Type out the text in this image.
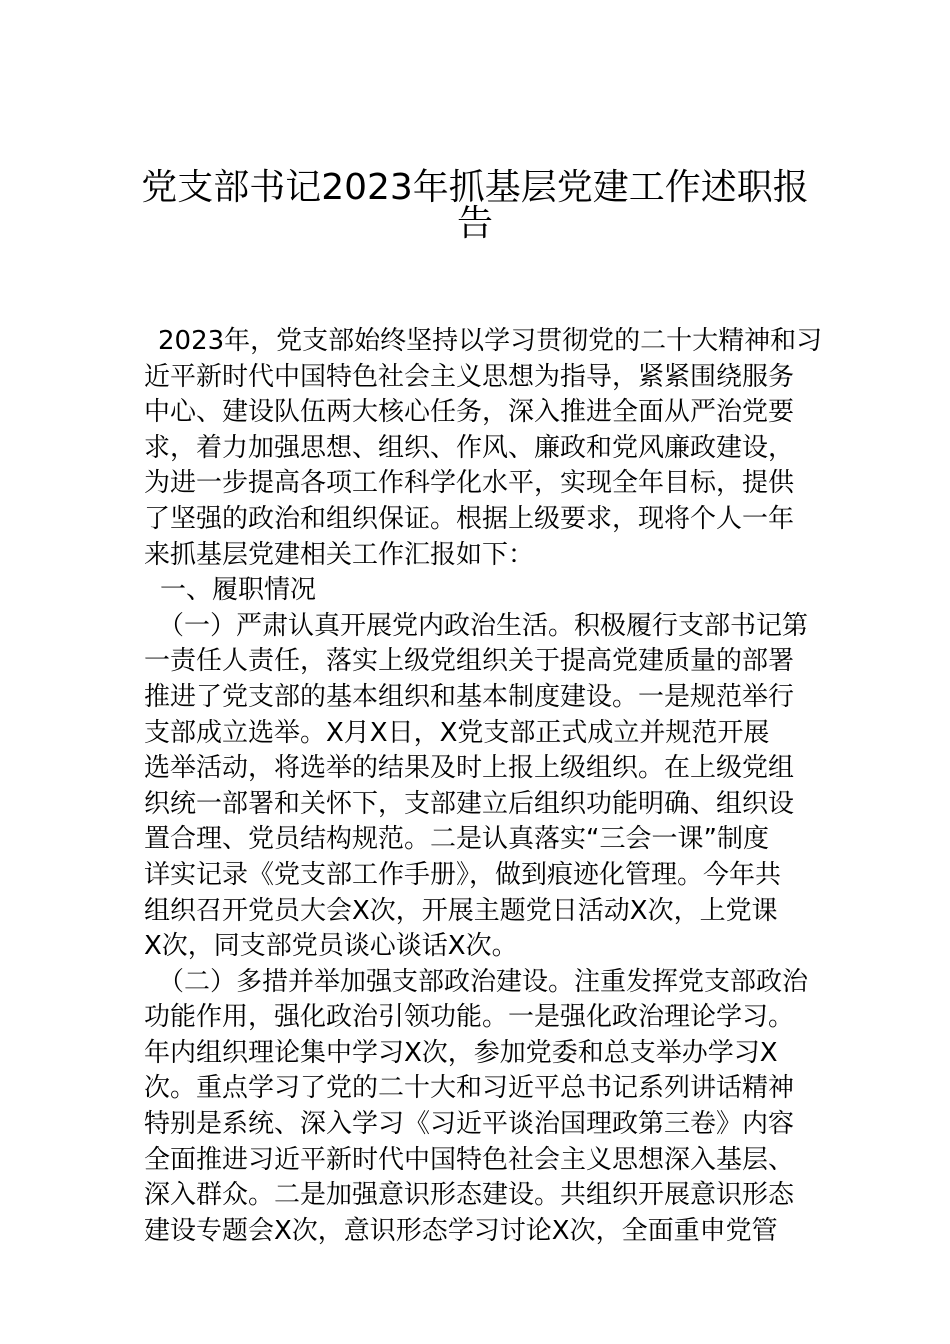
党支部书记2023年抓基层党建工作述职报
告
2023年，党支部始终坚持以学习贯彻党的二十大精神和习
近平新时代中国特色社会主义思想为指导，紧紧围绕服务
中心、建设队伍两大核心任务，深入推进全面从严治党要
求，着力加强思想、组织、作风、廉政和党风廉政建设，
为进一步提高各项工作科学化水平，实现全年目标，提供
了坚强的政治和组织保证。根据上级要求，现将个人一年
来抓基层党建相关工作汇报如下：
一、履职情况
（一）严肃认真开展党内政治生活。积极履行支部书记第
一责任人责任，落实上级党组织关于提高党建质量的部署
推进了党支部的基本组织和基本制度建设。一是规范举行
支部成立选举。X月X日，X党支部正式成立并规范开展
选举活动，将选举的结果及时上报上级组织。在上级党组
织统一部署和关怀下，支部建立后组织功能明确、组织设
置合理、党员结构规范。二是认真落实“三会一课”制度
详实记录《党支部工作手册》，做到痕迹化管理。今年共
组织召开党员大会X次，开展主题党日活动X次，上党课
X次，同支部党员谈心谈话X次。
（二）多措并举加强支部政治建设。注重发挥党支部政治
功能作用，强化政治引领功能。一是强化政治理论学习。
年内组织理论集中学习X次，参加党委和总支举办学习X
次。重点学习了党的二十大和习近平总书记系列讲话精神
特别是系统、深入学习《习近平谈治国理政第三卷》内容
全面推进习近平新时代中国特色社会主义思想深入基层、
深入群众。二是加强意识形态建设。共组织开展意识形态
建设专题会X次，意识形态学习讨论X次，全面重申党管
